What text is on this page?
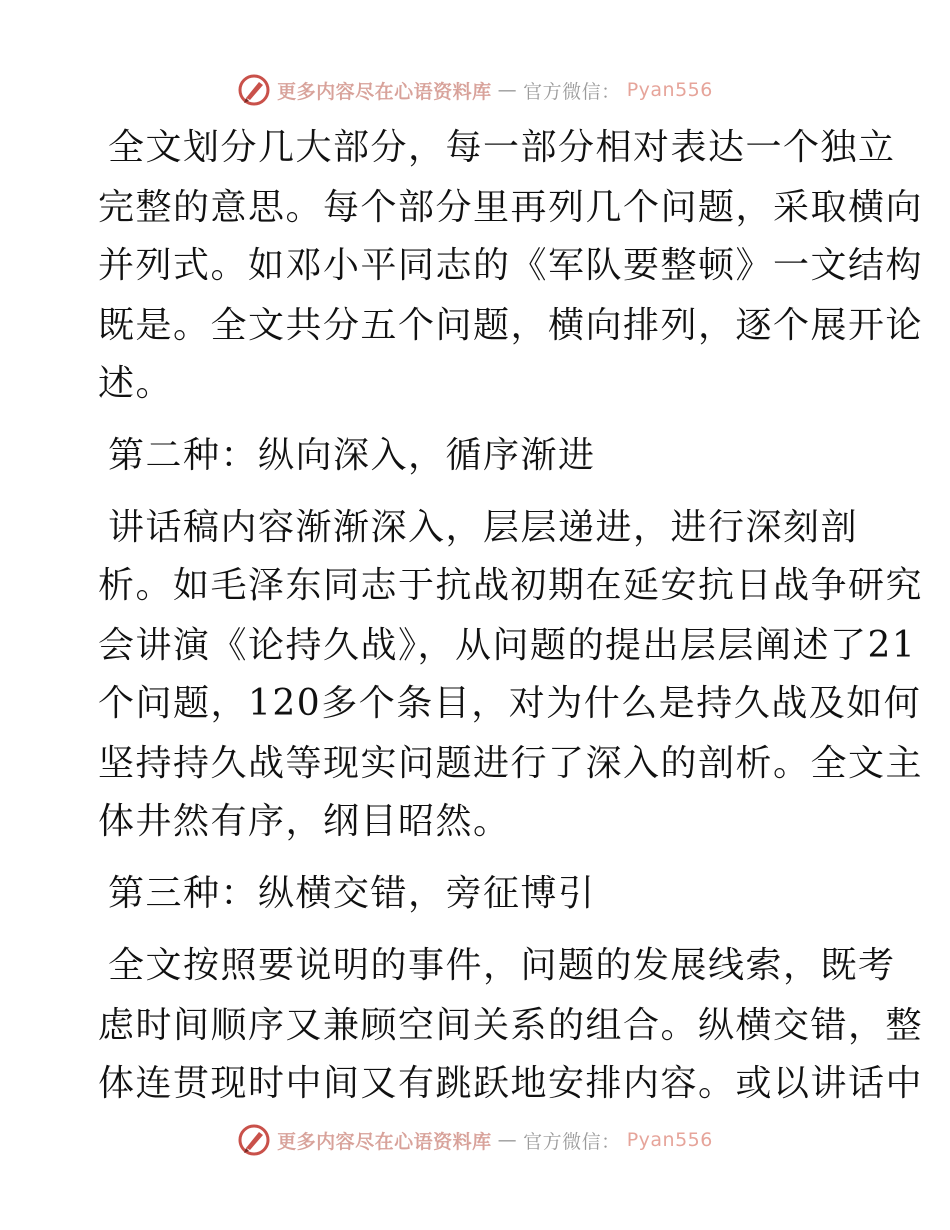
更多内容尽在心语资料库 — 官方微信： Pyan556
全文划分几大部分，每一部分相对表达一个独立
完整的意思。每个部分里再列几个问题，采取横向
并列式。如邓小平同志的《军队要整顿》一文结构
既是。全文共分五个问题，横向排列，逐个展开论
述。
第二种：纵向深入，循序渐进
讲话稿内容渐渐深入，层层递进，进行深刻剖
析。如毛泽东同志于抗战初期在延安抗日战争研究
会讲演《论持久战》，从问题的提出层层阐述了21
个问题，120多个条目，对为什么是持久战及如何
坚持持久战等现实问题进行了深入的剖析。全文主
体井然有序，纲目昭然。
第三种：纵横交错，旁征博引
全文按照要说明的事件，问题的发展线索，既考
虑时间顺序又兼顾空间关系的组合。纵横交错，整
体连贯现时中间又有跳跃地安排内容。或以讲话中
更多内容尽在心语资料库 — 官方微信： Pyan556
